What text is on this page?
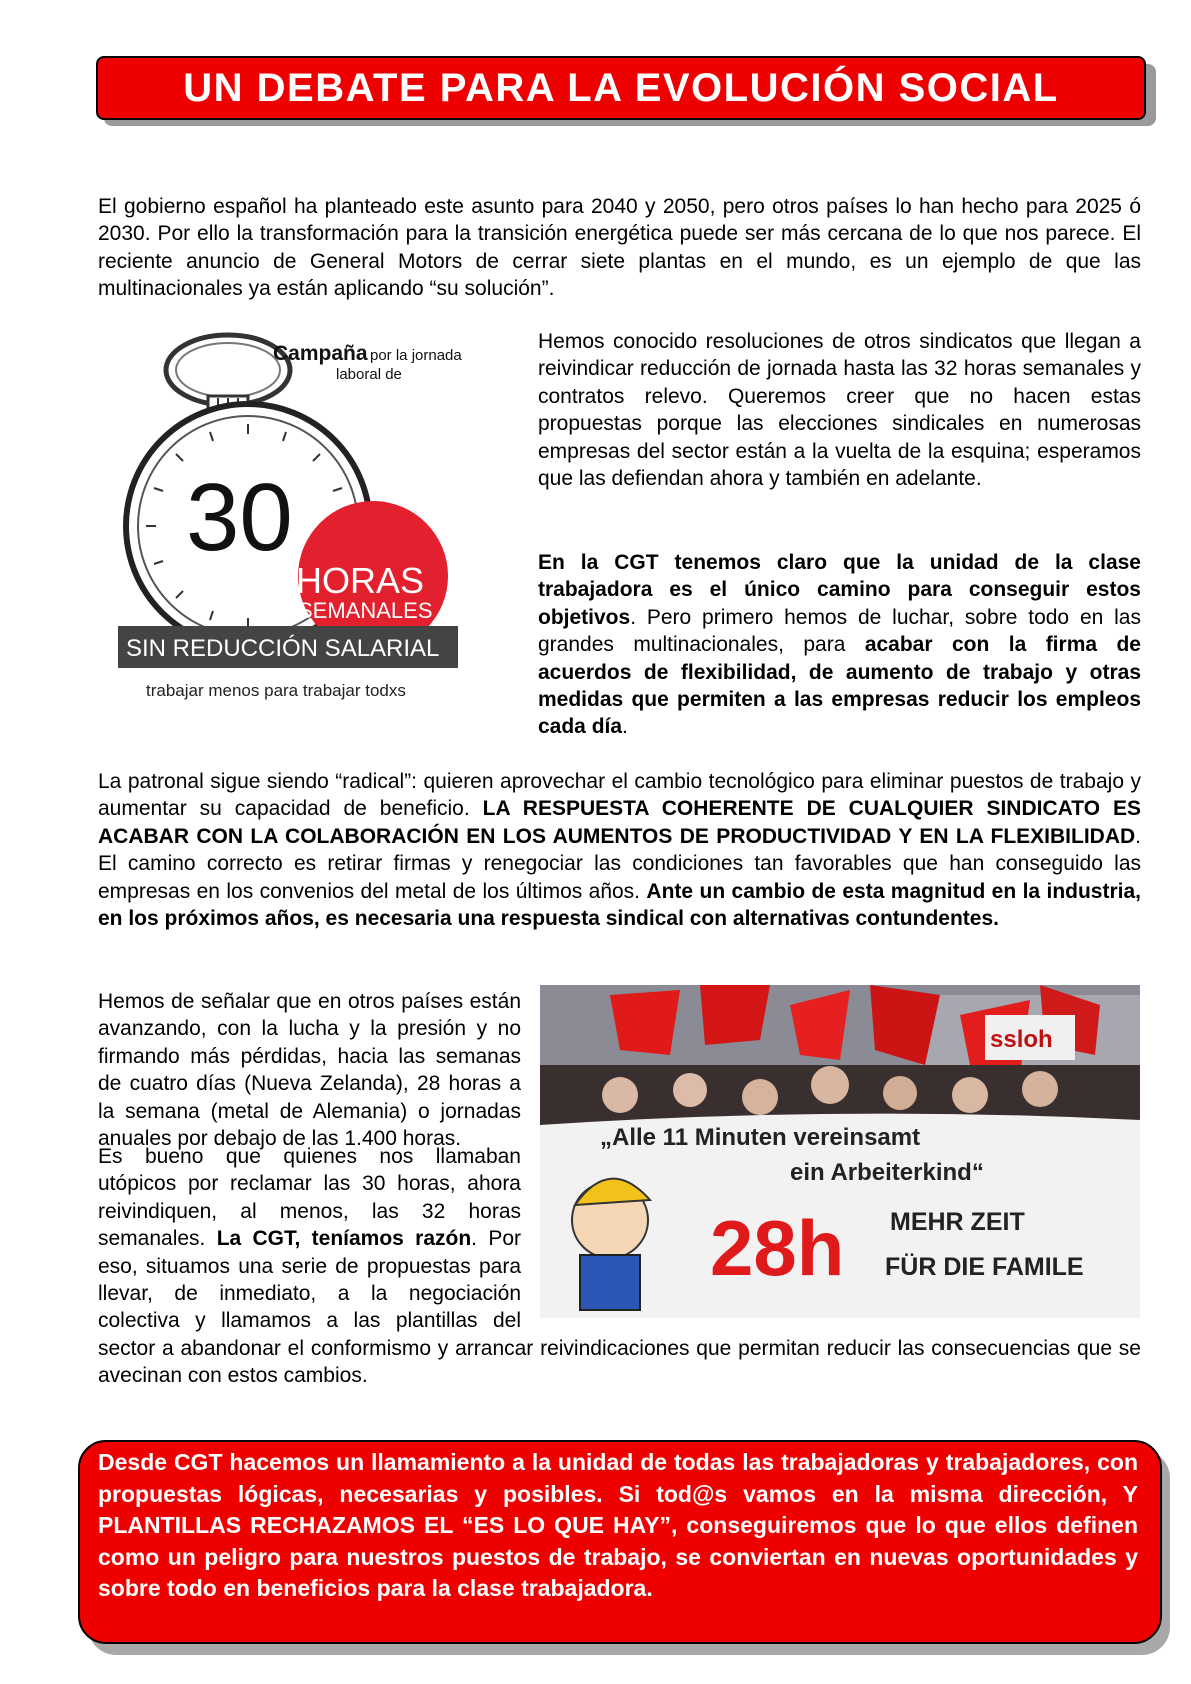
UN DEBATE PARA LA EVOLUCIÓN SOCIAL

El gobierno español ha planteado este asunto para 2040 y 2050, pero otros países lo han hecho para 2025 ó 2030. Por ello la transformación para la transición energética puede ser más cercana de lo que nos parece. El reciente anuncio de General Motors de cerrar siete plantas en el mundo, es un ejemplo de que las multinacionales ya están aplicando “su solución”.

30
Campaña por la jornada
laboral de
HORAS
SEMANALES
SIN REDUCCIÓN SALARIAL
trabajar menos para trabajar todxs

Hemos conocido resoluciones de otros sindicatos que llegan a reivindicar reducción de jornada hasta las 32 horas semanales y contratos relevo. Queremos creer que no hacen estas propuestas porque las elecciones sindicales en numerosas empresas del sector están a la vuelta de la esquina; esperamos que las defiendan ahora y también en adelante.

En la CGT tenemos claro que la unidad de la clase trabajadora es el único camino para conseguir estos objetivos. Pero primero hemos de luchar, sobre todo en las grandes multinacionales, para acabar con la firma de acuerdos de flexibilidad, de aumento de trabajo y otras medidas que permiten a las empresas reducir los empleos cada día.

La patronal sigue siendo “radical”: quieren aprovechar el cambio tecnológico para eliminar puestos de trabajo y aumentar su capacidad de beneficio. LA RESPUESTA COHERENTE DE CUALQUIER SINDICATO ES ACABAR CON LA COLABORACIÓN EN LOS AUMENTOS DE PRODUCTIVIDAD Y EN LA FLEXIBILIDAD. El camino correcto es retirar firmas y renegociar las condiciones tan favorables que han conseguido las empresas en los convenios del metal de los últimos años. Ante un cambio de esta magnitud en la industria, en los próximos años, es necesaria una respuesta sindical con alternativas contundentes.

Hemos de señalar que en otros países están avanzando, con la lucha y la presión y no firmando más pérdidas, hacia las semanas de cuatro días (Nueva Zelanda), 28 horas a la semana (metal de Alemania) o jornadas anuales por debajo de las 1.400 horas.

ssloh
„Alle 11 Minuten vereinsamt
ein Arbeiterkind“
28h MEHR ZEIT
FÜR DIE FAMILE

Es bueno que quienes nos llamaban utópicos por reclamar las 30 horas, ahora reivindiquen, al menos, las 32 horas semanales. La CGT, teníamos razón. Por eso, situamos una serie de propuestas para llevar, de inmediato, a la negociación colectiva y llamamos a las plantillas del sector a abandonar el conformismo y arrancar reivindicaciones que permitan reducir las consecuencias que se avecinan con estos cambios.

Desde CGT hacemos un llamamiento a la unidad de todas las trabajadoras y trabajadores, con propuestas lógicas, necesarias y posibles. Si tod@s vamos en la misma dirección, Y PLANTILLAS RECHAZAMOS EL “ES LO QUE HAY”, conseguiremos que lo que ellos definen como un peligro para nuestros puestos de trabajo, se conviertan en nuevas oportunidades y sobre todo en beneficios para la clase trabajadora.
